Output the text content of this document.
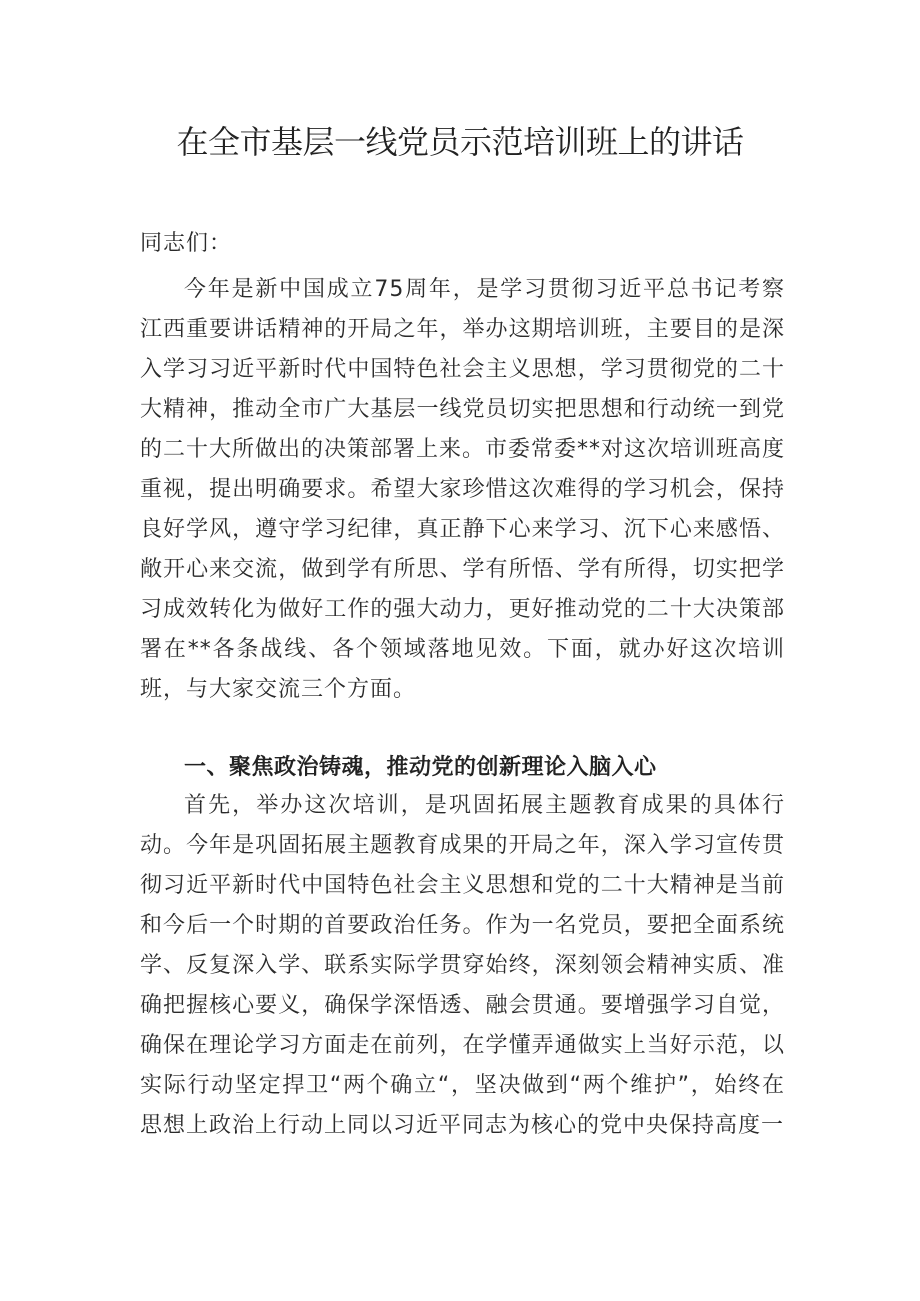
在全市基层一线党员示范培训班上的讲话
同志们：
今年是新中国成立75周年，是学习贯彻习近平总书记考察江西重要讲话精神的开局之年，举办这期培训班，主要目的是深入学习习近平新时代中国特色社会主义思想，学习贯彻党的二十大精神，推动全市广大基层一线党员切实把思想和行动统一到党的二十大所做出的决策部署上来。市委常委**对这次培训班高度重视，提出明确要求。希望大家珍惜这次难得的学习机会，保持良好学风，遵守学习纪律，真正静下心来学习、沉下心来感悟、敞开心来交流，做到学有所思、学有所悟、学有所得，切实把学习成效转化为做好工作的强大动力，更好推动党的二十大决策部署在**各条战线、各个领域落地见效。下面，就办好这次培训班，与大家交流三个方面。
一、聚焦政治铸魂，推动党的创新理论入脑入心
首先，举办这次培训，是巩固拓展主题教育成果的具体行动。今年是巩固拓展主题教育成果的开局之年，深入学习宣传贯彻习近平新时代中国特色社会主义思想和党的二十大精神是当前和今后一个时期的首要政治任务。作为一名党员，要把全面系统学、反复深入学、联系实际学贯穿始终，深刻领会精神实质、准确把握核心要义，确保学深悟透、融会贯通。要增强学习自觉，确保在理论学习方面走在前列，在学懂弄通做实上当好示范，以实际行动坚定捍卫“两个确立“，坚决做到“两个维护”，始终在思想上政治上行动上同以习近平同志为核心的党中央保持高度一
